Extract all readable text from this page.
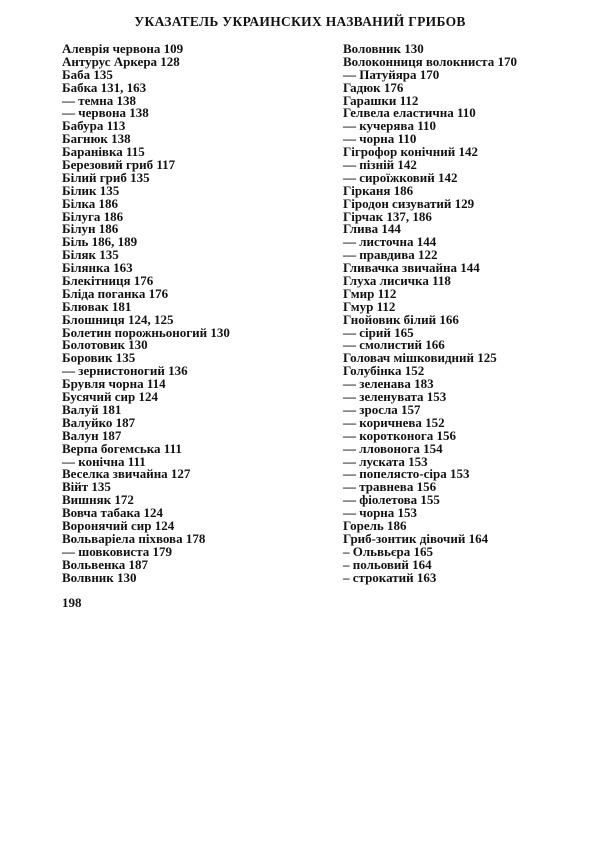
УКАЗАТЕЛЬ УКРАИНСКИХ НАЗВАНИЙ ГРИБОВ
Алеврія червона 109
Антурус Аркера 128
Баба 135
Бабка 131, 163
— темна 138
— червона 138
Бабура 113
Багнюк 138
Баранівка 115
Березовий гриб 117
Білий гриб 135
Білик 135
Білка 186
Білуга 186
Білун 186
Біль 186, 189
Біляк 135
Білянка 163
Блекітниця 176
Бліда поганка 176
Блювак 181
Блошниця 124, 125
Болетин порожньоногий 130
Болотовик 130
Боровик 135
— зернистоногий 136
Брувля чорна 114
Бусячий сир 124
Валуй 181
Валуйко 187
Валун 187
Верпа богемська 111
— конічна 111
Веселка звичайна 127
Війт 135
Вишняк 172
Вовча табака 124
Воронячий сир 124
Вольваріела піхвова 178
— шовковиста 179
Вольвенка 187
Волвник 130
Воловник 130
Волоконниця волокниста 170
— Патуйяра 170
Гадюк 176
Гарашки 112
Гелвела еластична 110
— кучерява 110
— чорна 110
Гігрофор конічний 142
— пізній 142
— сироїжковий 142
Гірканя 186
Гіродон сизуватий 129
Гірчак 137, 186
Глива 144
— листочна 144
— правдива 122
Гливачка звичайна 144
Глуха лисичка 118
Гмир 112
Гмур 112
Гнойовик білий 166
— сірий 165
— смолистий 166
Головач мішковидний 125
Голубінка 152
— зеленава 183
— зеленувата 153
— зросла 157
— коричнева 152
— коротконога 156
— лловонога 154
— луската 153
— попелясто-сіра 153
— травнева 156
— фіолетова 155
— чорна 153
Горель 186
Гриб-зонтик дівочий 164
– Ольвьєра 165
– польовий 164
– строкатий 163
198
